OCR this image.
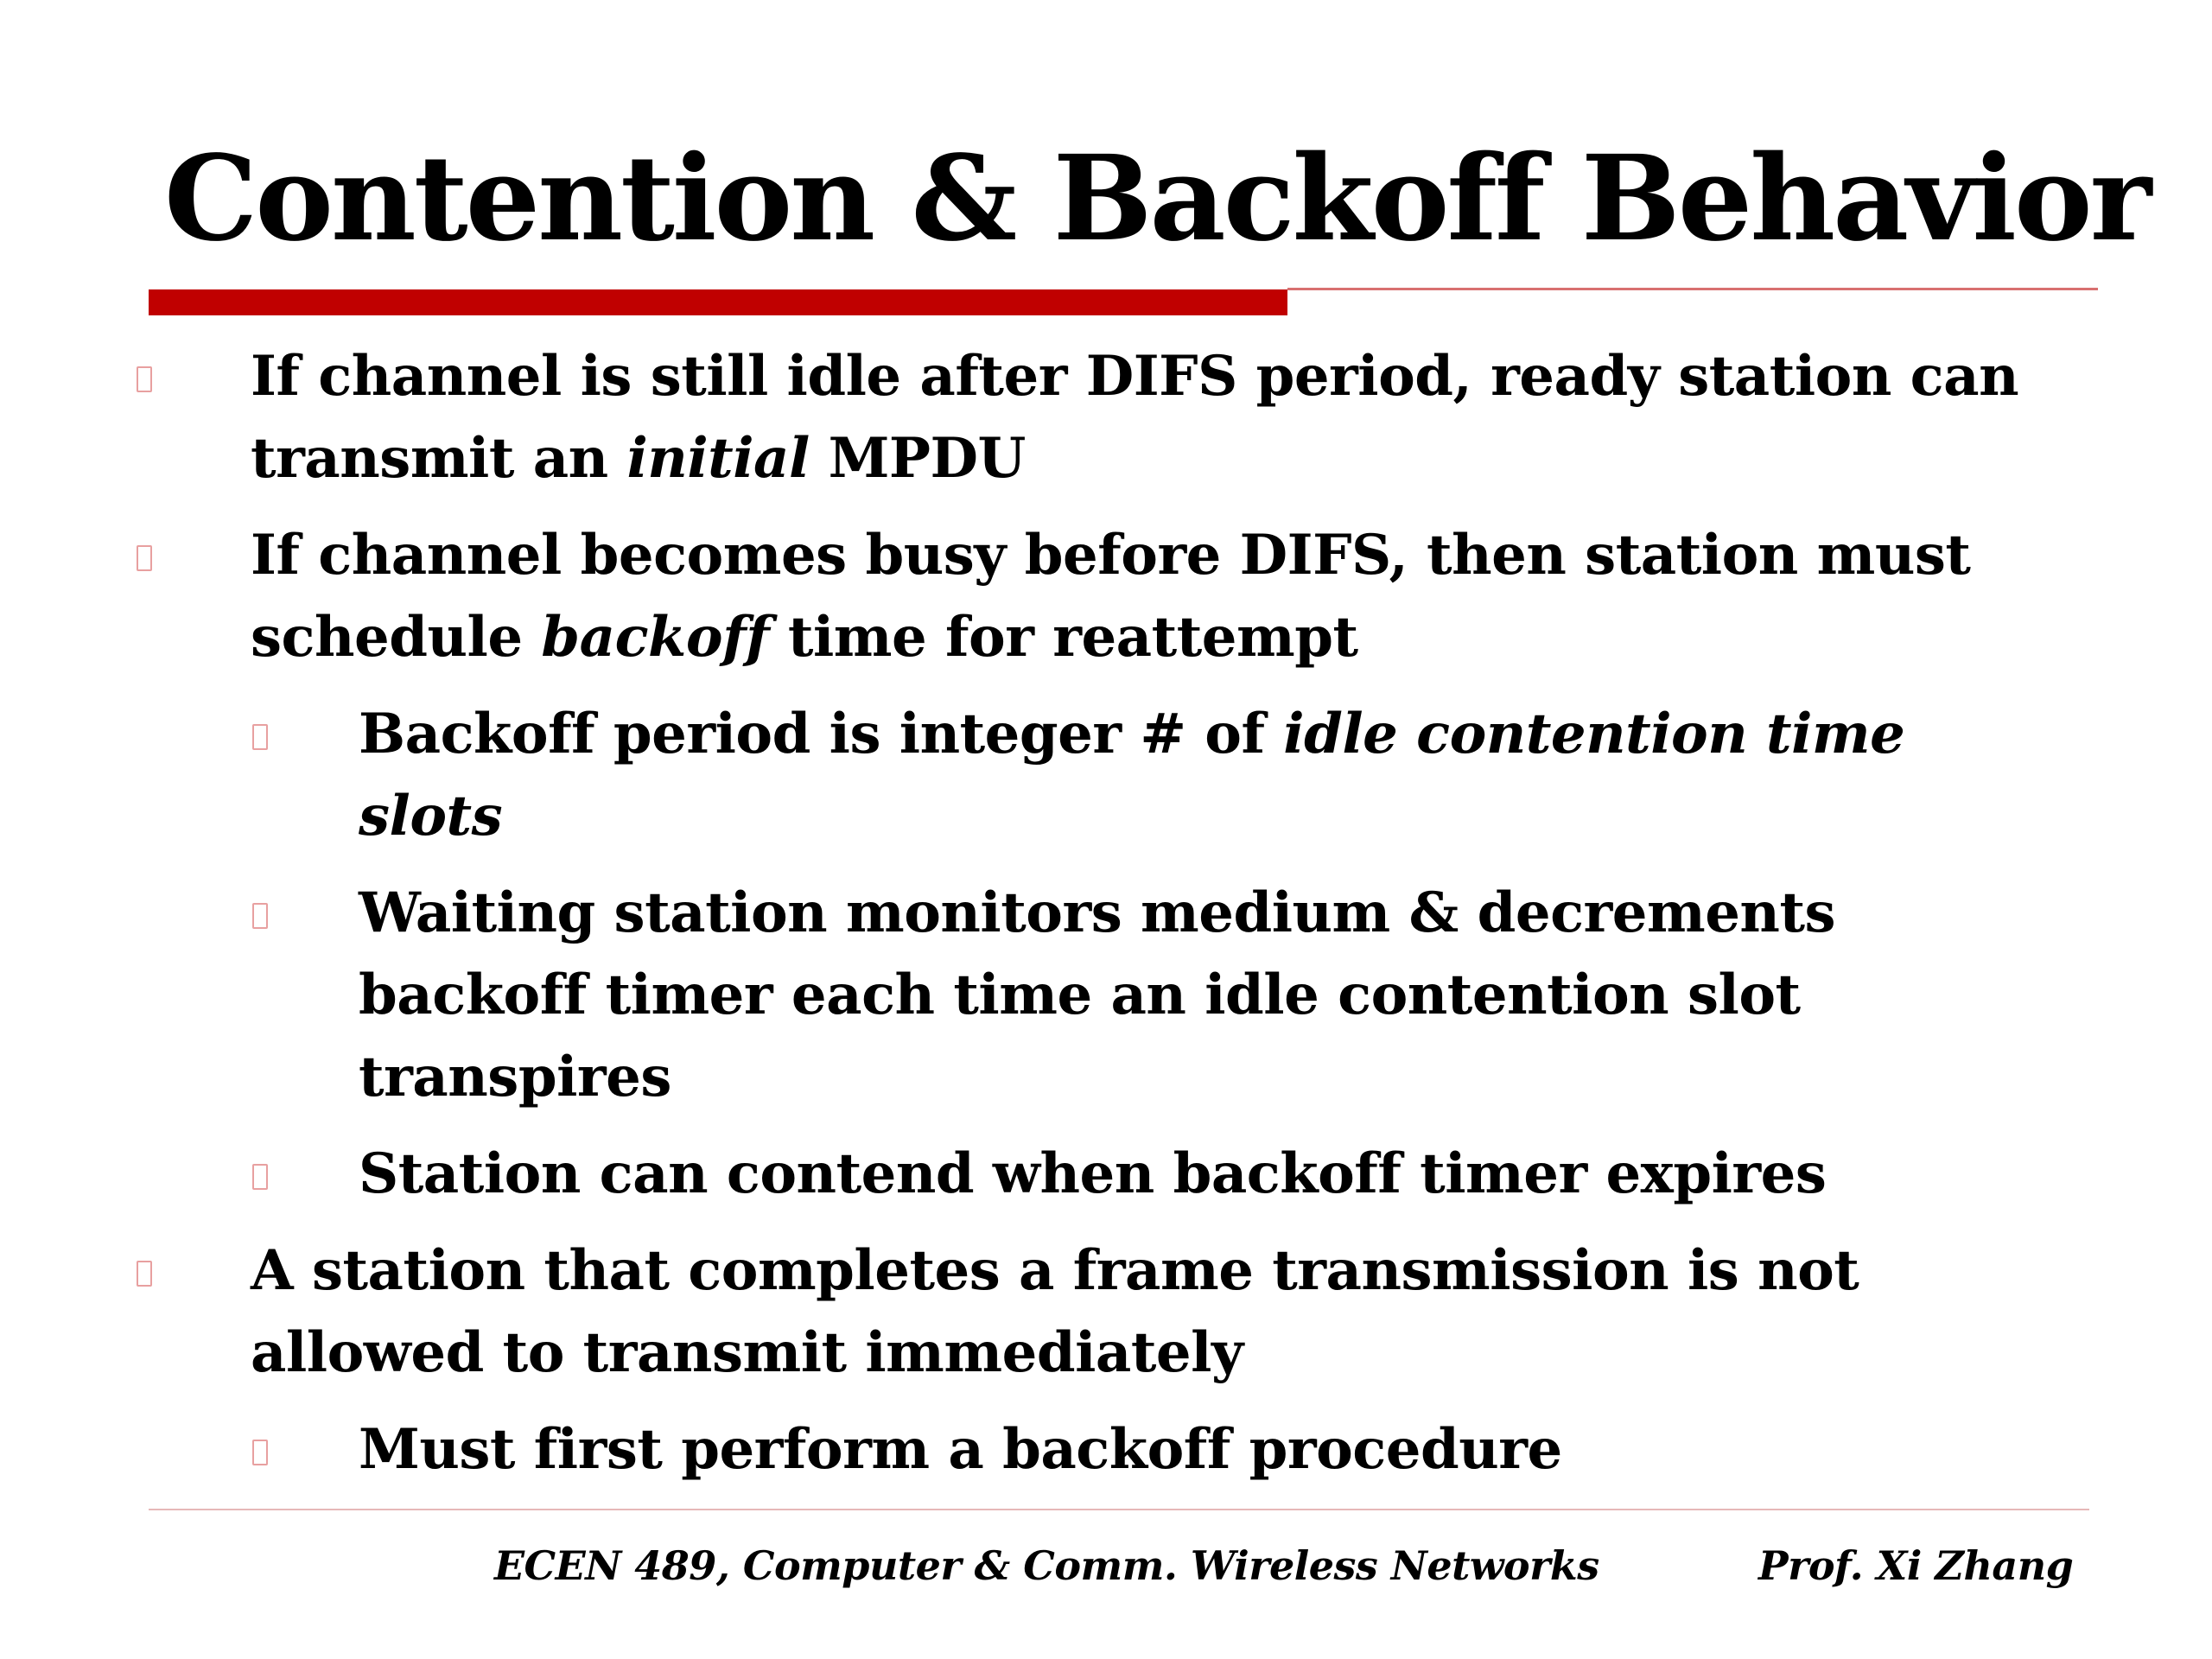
Contention & Backoff Behavior
If channel is still idle after DIFS period, ready station can
transmit an initial MPDU
If channel becomes busy before DIFS, then station must
schedule backoff time for reattempt
Backoff period is integer # of idle contention time
slots
Waiting station monitors medium & decrements
backoff timer each time an idle contention slot
transpires
Station can contend when backoff timer expires
A station that completes a frame transmission is not
allowed to transmit immediately
Must first perform a backoff procedure
ECEN 489, Computer & Comm. Wireless Networks	Prof. Xi Zhang
